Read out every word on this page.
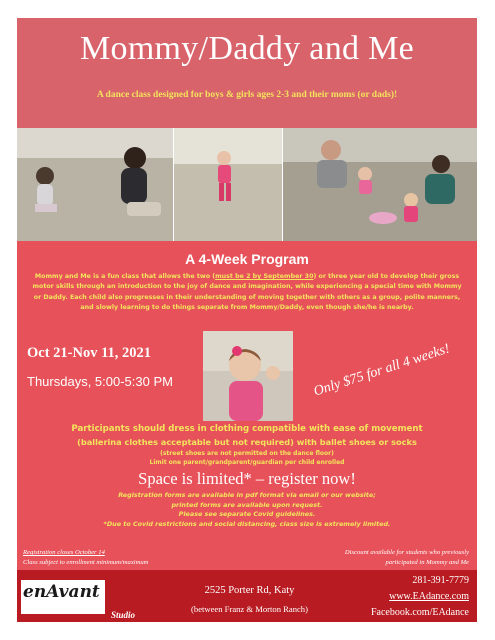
Mommy/Daddy and Me
A dance class designed for boys & girls ages 2-3 and their moms (or dads)!
A 4-Week Program
Mommy and Me is a fun class that allows the two (must be 2 by September 30) or three year old to develop their gross motor skills through an introduction to the joy of dance and imagination, while experiencing a special time with Mommy or Daddy. Each child also progresses in their understanding of moving together with others as a group, polite manners, and slowly learning to do things separate from Mommy/Daddy, even though she/he is nearby.
Oct 21-Nov 11, 2021
Thursdays, 5:00-5:30 PM	Only $75 for all 4 weeks!
Participants should dress in clothing compatible with ease of movement
(ballerina clothes acceptable but not required) with ballet shoes or socks
(street shoes are not permitted on the dance floor)
Limit one parent/grandparent/guardian per child enrolled
Space is limited* – register now!
Registration forms are available in pdf format via email or our website;
printed forms are available upon request.
Please see separate Covid guidelines.
*Due to Covid restrictions and social distancing, class size is extremely limited.
Registration closes October 14
Class subject to enrollment minimum/maximum
Discount available for students who previously
participated in Mommy and Me
enAvant
Studio
2525 Porter Rd, Katy
(between Franz & Morton Ranch)
281-391-7779
www.EAdance.com
Facebook.com/EAdance
